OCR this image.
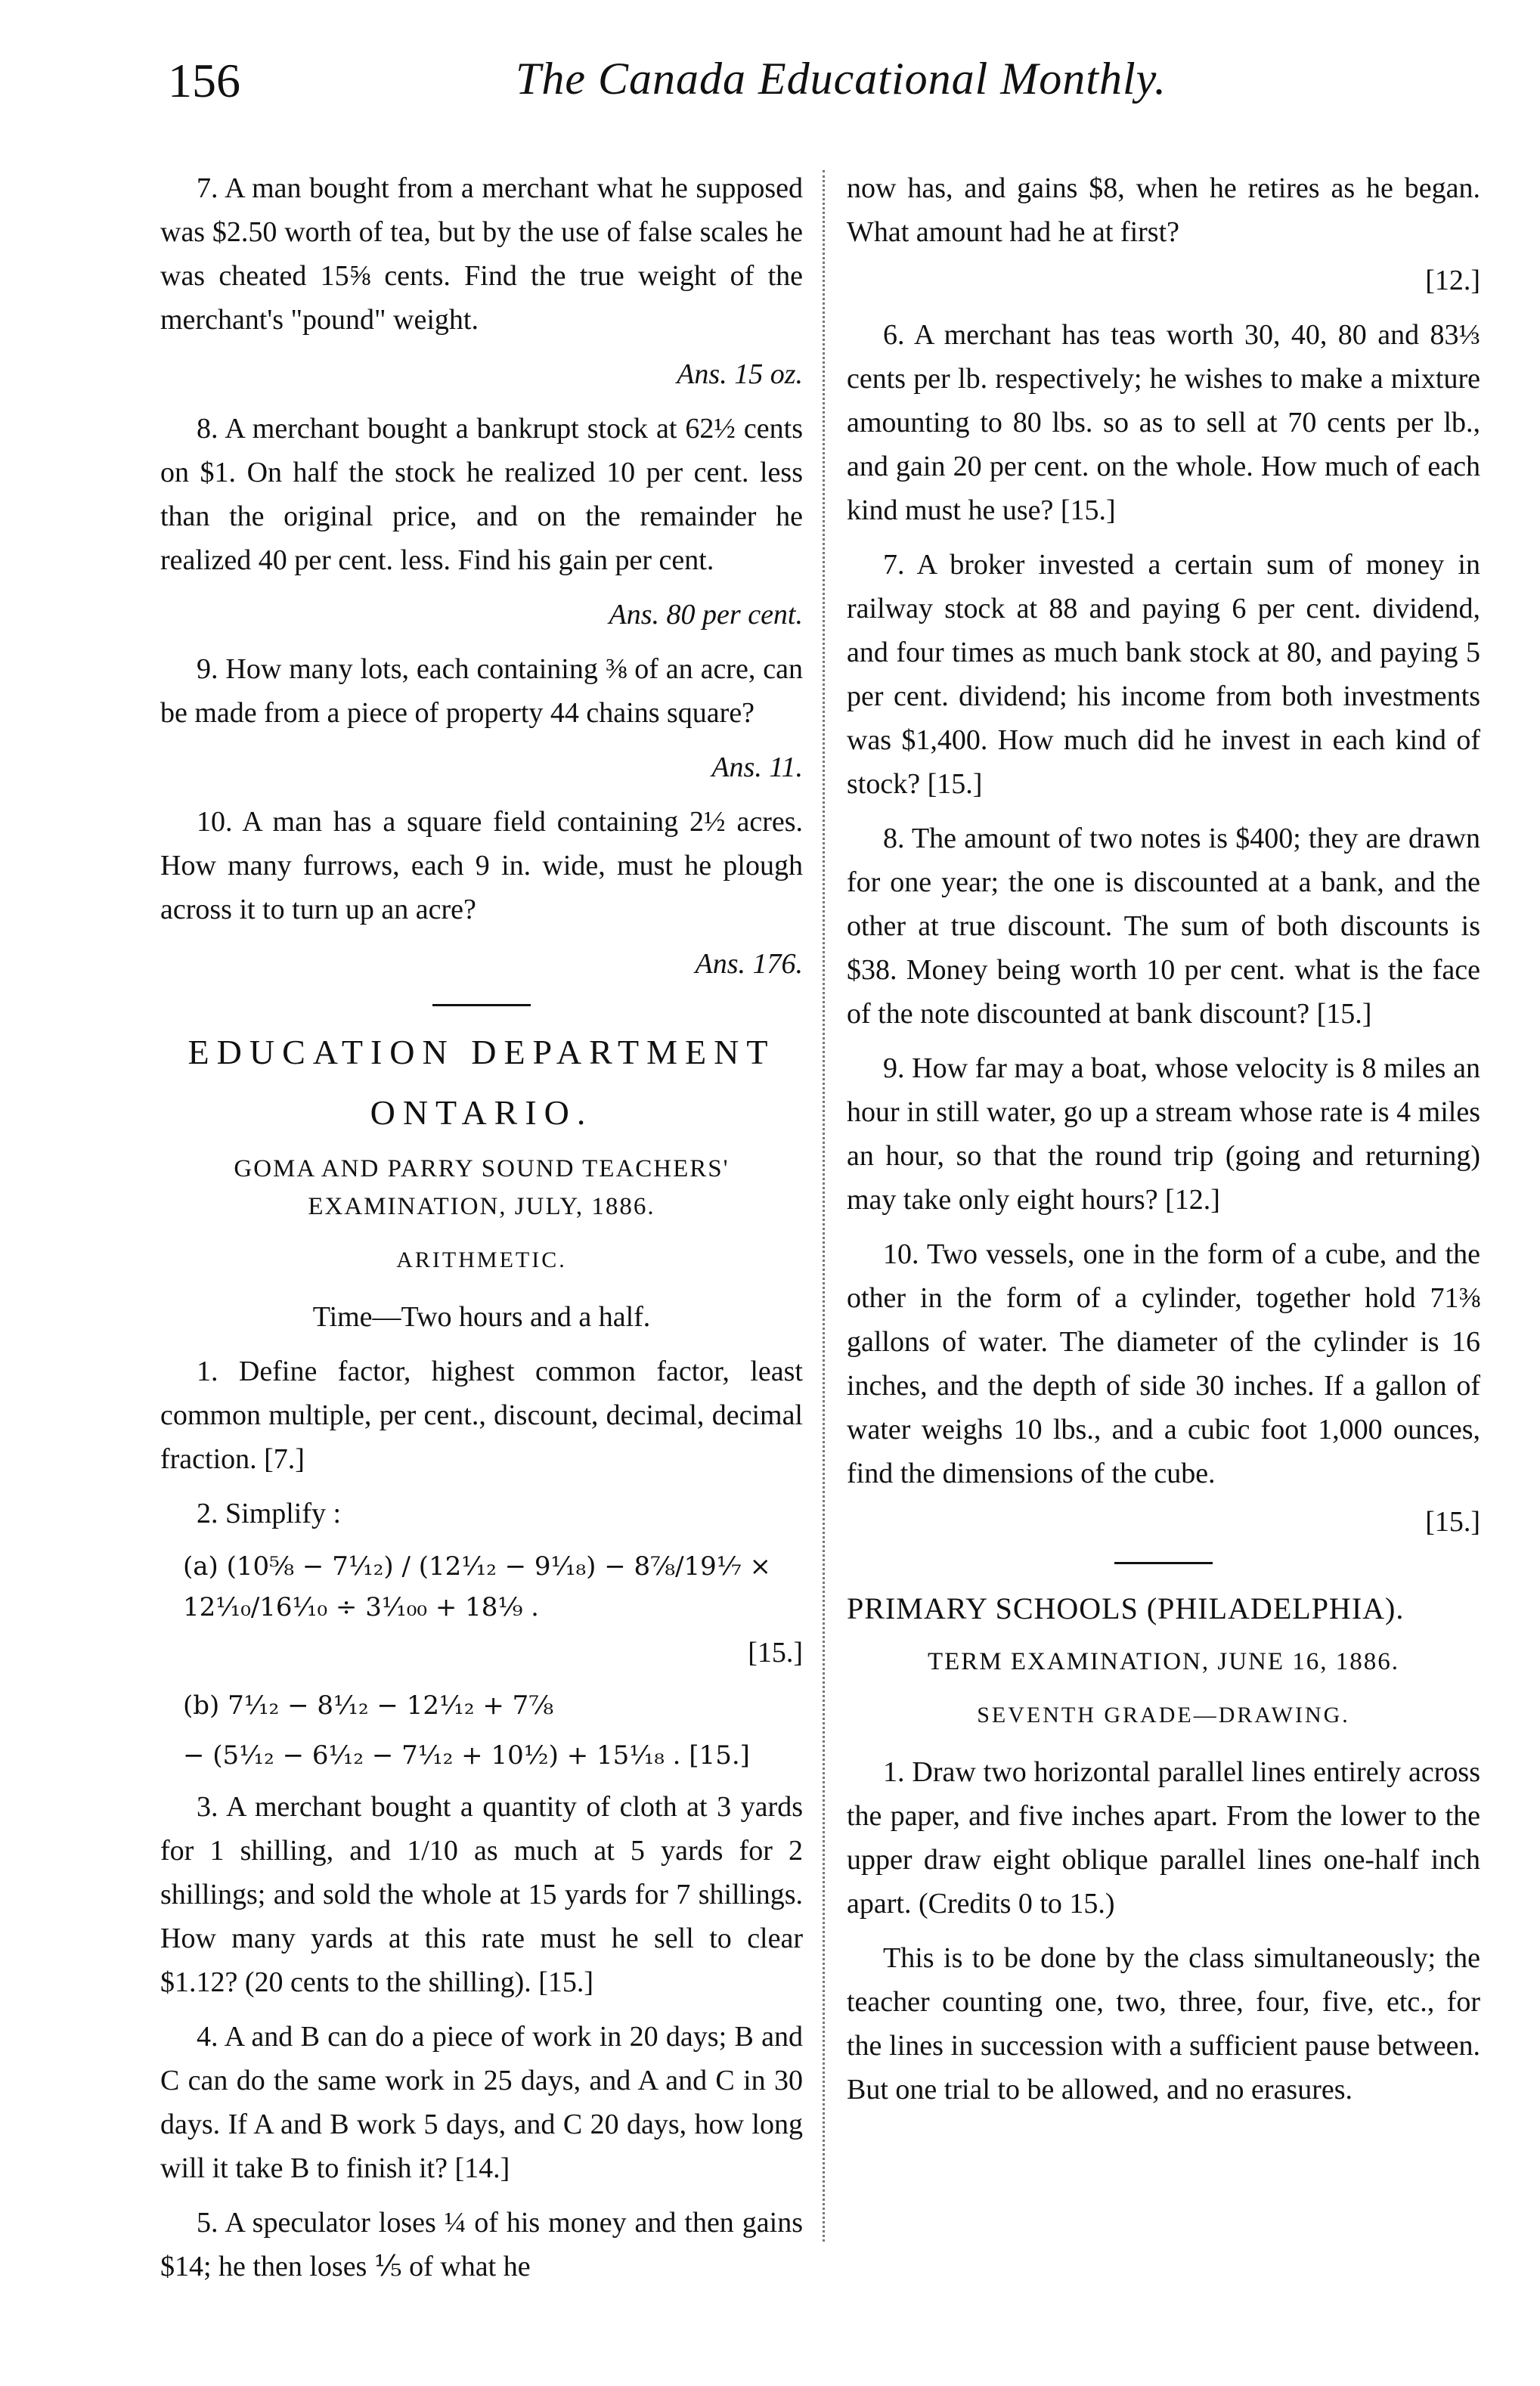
156	The Canada Educational Monthly.

7. A man bought from a merchant what he supposed was $2.50 worth of tea, but by the use of false scales he was cheated 15⅝ cents. Find the true weight of the merchant's "pound" weight.

Ans. 15 oz.

8. A merchant bought a bankrupt stock at 62½ cents on $1. On half the stock he realized 10 per cent. less than the original price, and on the remainder he realized 40 per cent. less. Find his gain per cent.

Ans. 80 per cent.

9. How many lots, each containing ⅜ of an acre, can be made from a piece of property 44 chains square?

Ans. 11.

10. A man has a square field containing 2½ acres. How many furrows, each 9 in. wide, must he plough across it to turn up an acre?

Ans. 176.
EDUCATION DEPARTMENT
ONTARIO.
GOMA AND PARRY SOUND TEACHERS' EXAMINATION, JULY, 1886.
ARITHMETIC.

Time—Two hours and a half.

1. Define factor, highest common factor, least common multiple, per cent., discount, decimal, decimal fraction. [7.]

2. Simplify :

(a) (10⅝ − 7¹⁄₁₂) / (12⅟₁₂ − 9⅟₁₈) − 8⅞/19⅟₇ × 12⅟₁₀/16⅟₁₀ ÷ 3⅟₁₀₀ + 18⅟₉ .
[15.]
(b) 7⅟₁₂ − 8⅟₁₂ − 12⅟₁₂ + 7⅞
− (5⅟₁₂ − 6⅟₁₂ − 7⅟₁₂ + 10⅟₂) + 15⅟₁₈ . [15.]

3. A merchant bought a quantity of cloth at 3 yards for 1 shilling, and 1/10 as much at 5 yards for 2 shillings; and sold the whole at 15 yards for 7 shillings. How many yards at this rate must he sell to clear $1.12? (20 cents to the shilling). [15.]

4. A and B can do a piece of work in 20 days; B and C can do the same work in 25 days, and A and C in 30 days. If A and B work 5 days, and C 20 days, how long will it take B to finish it? [14.]

5. A speculator loses ¼ of his money and then gains $14; he then loses ⅕ of what he

now has, and gains $8, when he retires as he began. What amount had he at first?

[12.]

6. A merchant has teas worth 30, 40, 80 and 83⅓ cents per lb. respectively; he wishes to make a mixture amounting to 80 lbs. so as to sell at 70 cents per lb., and gain 20 per cent. on the whole. How much of each kind must he use? [15.]

7. A broker invested a certain sum of money in railway stock at 88 and paying 6 per cent. dividend, and four times as much bank stock at 80, and paying 5 per cent. dividend; his income from both investments was $1,400. How much did he invest in each kind of stock? [15.]

8. The amount of two notes is $400; they are drawn for one year; the one is discounted at a bank, and the other at true discount. The sum of both discounts is $38. Money being worth 10 per cent. what is the face of the note discounted at bank discount? [15.]

9. How far may a boat, whose velocity is 8 miles an hour in still water, go up a stream whose rate is 4 miles an hour, so that the round trip (going and returning) may take only eight hours? [12.]

10. Two vessels, one in the form of a cube, and the other in the form of a cylinder, together hold 71⅜ gallons of water. The diameter of the cylinder is 16 inches, and the depth of side 30 inches. If a gallon of water weighs 10 lbs., and a cubic foot 1,000 ounces, find the dimensions of the cube.

[15.]
PRIMARY SCHOOLS (PHILADELPHIA).
TERM EXAMINATION, JUNE 16, 1886.
SEVENTH GRADE—DRAWING.

1. Draw two horizontal parallel lines entirely across the paper, and five inches apart. From the lower to the upper draw eight oblique parallel lines one-half inch apart. (Credits 0 to 15.)

This is to be done by the class simultaneously; the teacher counting one, two, three, four, five, etc., for the lines in succession with a sufficient pause between. But one trial to be allowed, and no erasures.
